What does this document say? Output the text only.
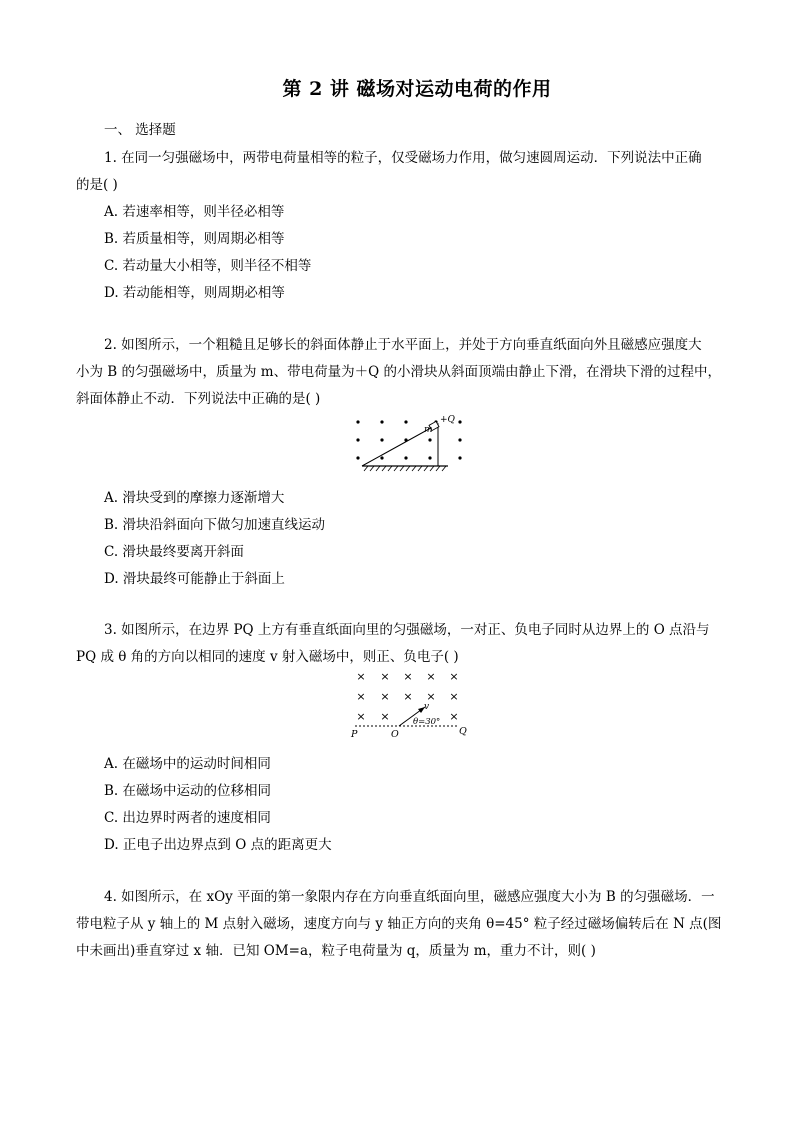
第 2 讲 磁场对运动电荷的作用
一、 选择题
1. 在同一匀强磁场中，两带电荷量相等的粒子，仅受磁场力作用，做匀速圆周运动．下列说法中正确
的是( )
A. 若速率相等，则半径必相等
B. 若质量相等，则周期必相等
C. 若动量大小相等，则半径不相等
D. 若动能相等，则周期必相等
2. 如图所示，一个粗糙且足够长的斜面体静止于水平面上，并处于方向垂直纸面向外且磁感应强度大
小为 B 的匀强磁场中，质量为 m、带电荷量为＋Q 的小滑块从斜面顶端由静止下滑，在滑块下滑的过程中，
斜面体静止不动．下列说法中正确的是( )
m
+Q
A. 滑块受到的摩擦力逐渐增大
B. 滑块沿斜面向下做匀加速直线运动
C. 滑块最终要离开斜面
D. 滑块最终可能静止于斜面上
3. 如图所示，在边界 PQ 上方有垂直纸面向里的匀强磁场，一对正、负电子同时从边界上的 O 点沿与
PQ 成 θ 角的方向以相同的速度 v 射入磁场中，则正、负电子( )
× × × × ×
× × × × ×
× ×	×
v
θ=30°
P	O	Q
A. 在磁场中的运动时间相同
B. 在磁场中运动的位移相同
C. 出边界时两者的速度相同
D. 正电子出边界点到 O 点的距离更大
4. 如图所示，在 xOy 平面的第一象限内存在方向垂直纸面向里，磁感应强度大小为 B 的匀强磁场．一
带电粒子从 y 轴上的 M 点射入磁场，速度方向与 y 轴正方向的夹角 θ=45° 粒子经过磁场偏转后在 N 点(图
中未画出)垂直穿过 x 轴．已知 OM=a，粒子电荷量为 q，质量为 m，重力不计，则( )
